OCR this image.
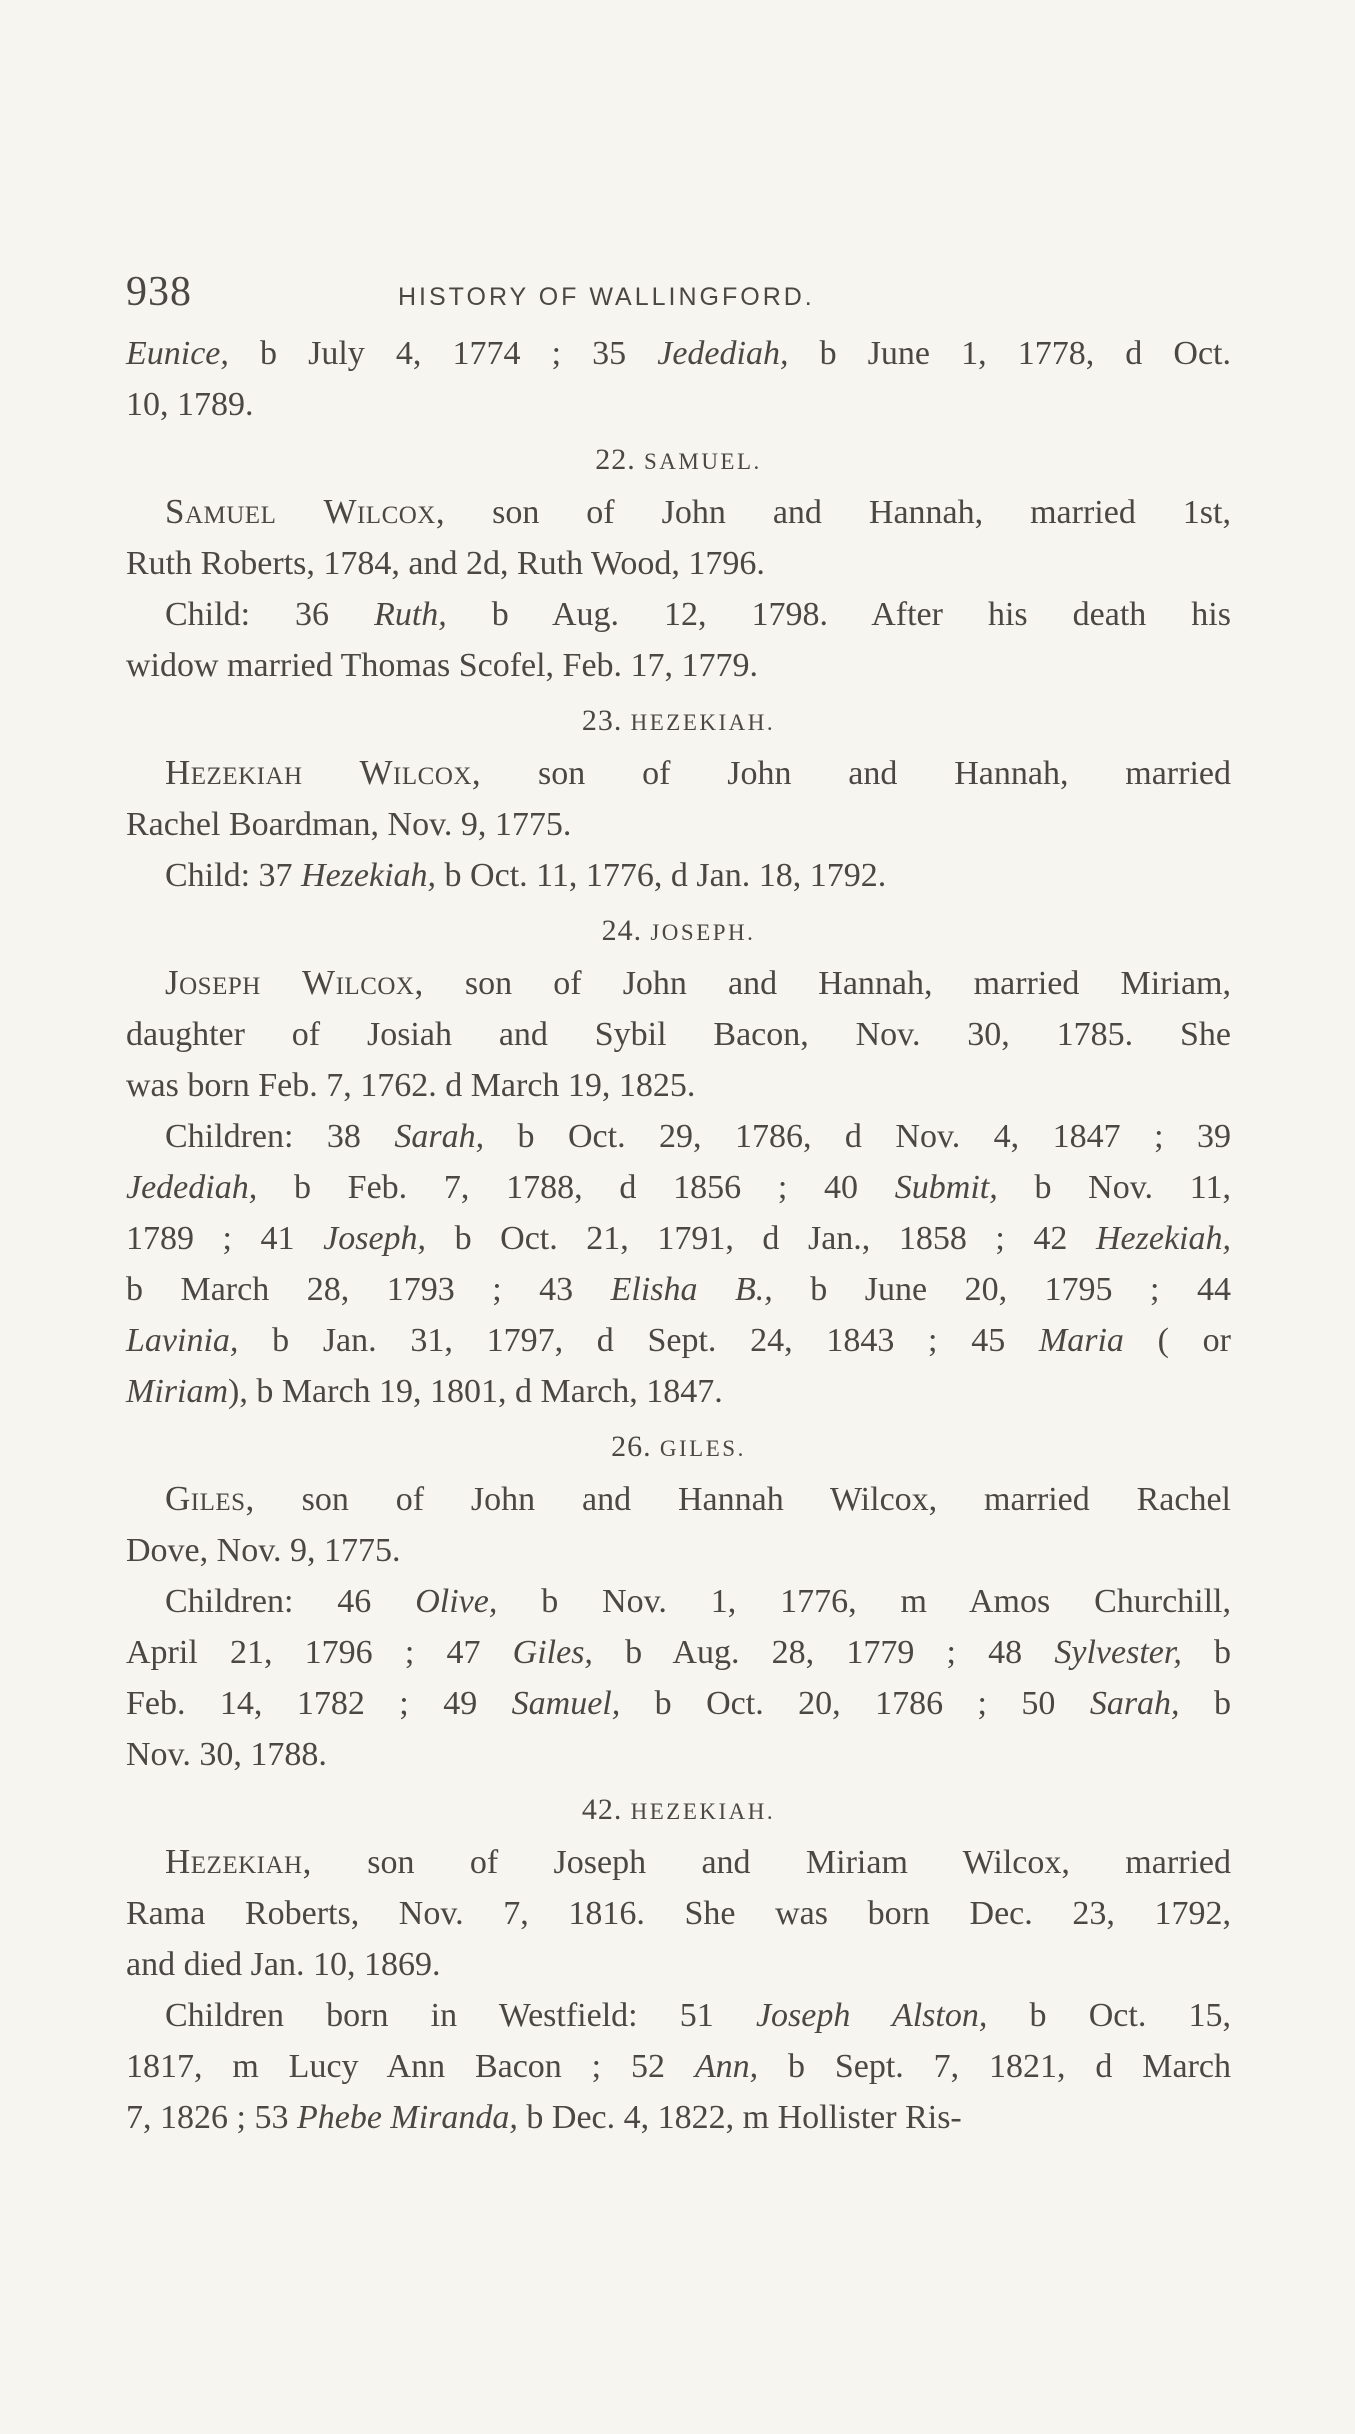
938	HISTORY OF WALLINGFORD.
Eunice, b July 4, 1774 ; 35 Jedediah, b June 1, 1778, d Oct.
10, 1789.
22. SAMUEL.
Samuel Wilcox, son of John and Hannah, married 1st,
Ruth Roberts, 1784, and 2d, Ruth Wood, 1796.
Child: 36 Ruth, b Aug. 12, 1798. After his death his
widow married Thomas Scofel, Feb. 17, 1779.
23. HEZEKIAH.
Hezekiah Wilcox, son of John and Hannah, married
Rachel Boardman, Nov. 9, 1775.
Child: 37 Hezekiah, b Oct. 11, 1776, d Jan. 18, 1792.
24. JOSEPH.
Joseph Wilcox, son of John and Hannah, married Miriam,
daughter of Josiah and Sybil Bacon, Nov. 30, 1785. She
was born Feb. 7, 1762. d March 19, 1825.
Children: 38 Sarah, b Oct. 29, 1786, d Nov. 4, 1847 ; 39
Jedediah, b Feb. 7, 1788, d 1856 ; 40 Submit, b Nov. 11,
1789 ; 41 Joseph, b Oct. 21, 1791, d Jan., 1858 ; 42 Hezekiah,
b March 28, 1793 ; 43 Elisha B., b June 20, 1795 ; 44
Lavinia, b Jan. 31, 1797, d Sept. 24, 1843 ; 45 Maria ( or
Miriam), b March 19, 1801, d March, 1847.
26. GILES.
Giles, son of John and Hannah Wilcox, married Rachel
Dove, Nov. 9, 1775.
Children: 46 Olive, b Nov. 1, 1776, m Amos Churchill,
April 21, 1796 ; 47 Giles, b Aug. 28, 1779 ; 48 Sylvester, b
Feb. 14, 1782 ; 49 Samuel, b Oct. 20, 1786 ; 50 Sarah, b
Nov. 30, 1788.
42. HEZEKIAH.
Hezekiah, son of Joseph and Miriam Wilcox, married
Rama Roberts, Nov. 7, 1816. She was born Dec. 23, 1792,
and died Jan. 10, 1869.
Children born in Westfield: 51 Joseph Alston, b Oct. 15,
1817, m Lucy Ann Bacon ; 52 Ann, b Sept. 7, 1821, d March
7, 1826 ; 53 Phebe Miranda, b Dec. 4, 1822, m Hollister Ris-
